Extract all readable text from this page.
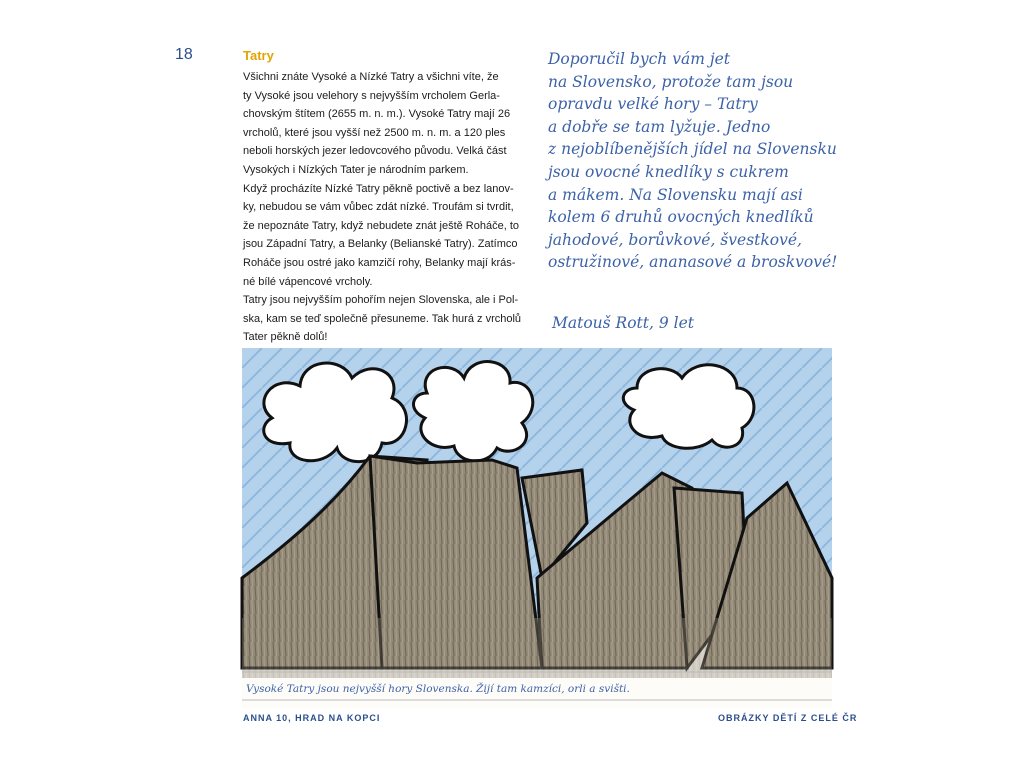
18	Tatry
Všichni znáte Vysoké a Nízké Tatry a všichni víte, že
ty Vysoké jsou velehory s nejvyšším vrcholem Gerla-
chovským štítem (2655 m. n. m.). Vysoké Tatry mají 26
vrcholů, které jsou vyšší než 2500 m. n. m. a 120 ples
neboli horských jezer ledovcového původu. Velká část
Vysokých i Nízkých Tater je národním parkem.
Když procházíte Nízké Tatry pěkně poctivě a bez lanov-
ky, nebudou se vám vůbec zdát nízké. Troufám si tvrdit,
že nepoznáte Tatry, když nebudete znát ještě Roháče, to
jsou Západní Tatry, a Belanky (Belianské Tatry). Zatímco
Roháče jsou ostré jako kamzičí rohy, Belanky mají krás-
né bílé vápencové vrcholy.
Tatry jsou nejvyšším pohořím nejen Slovenska, ale i Pol-
ska, kam se teď společně přesuneme. Tak hurá z vrcholů
Tater pěkně dolů!
Doporučil bych vám jet
na Slovensko, protože tam jsou
opravdu velké hory – Tatry
a dobře se tam lyžuje. Jedno
z nejoblíbenějších jídel na Slovensku
jsou ovocné knedlíky s cukrem
a mákem. Na Slovensku mají asi
kolem 6 druhů ovocných knedlíků
jahodové, borůvkové, švestkové,
ostružinové, ananasové a broskvové!
Matouš Rott, 9 let
Vysoké Tatry jsou nejvyšší hory Slovenska. Žijí tam kamzíci, orli a svišti.
ANNA 10, HRAD NA KOPCI	OBRÁZKY DĚTÍ Z CELÉ ČR
